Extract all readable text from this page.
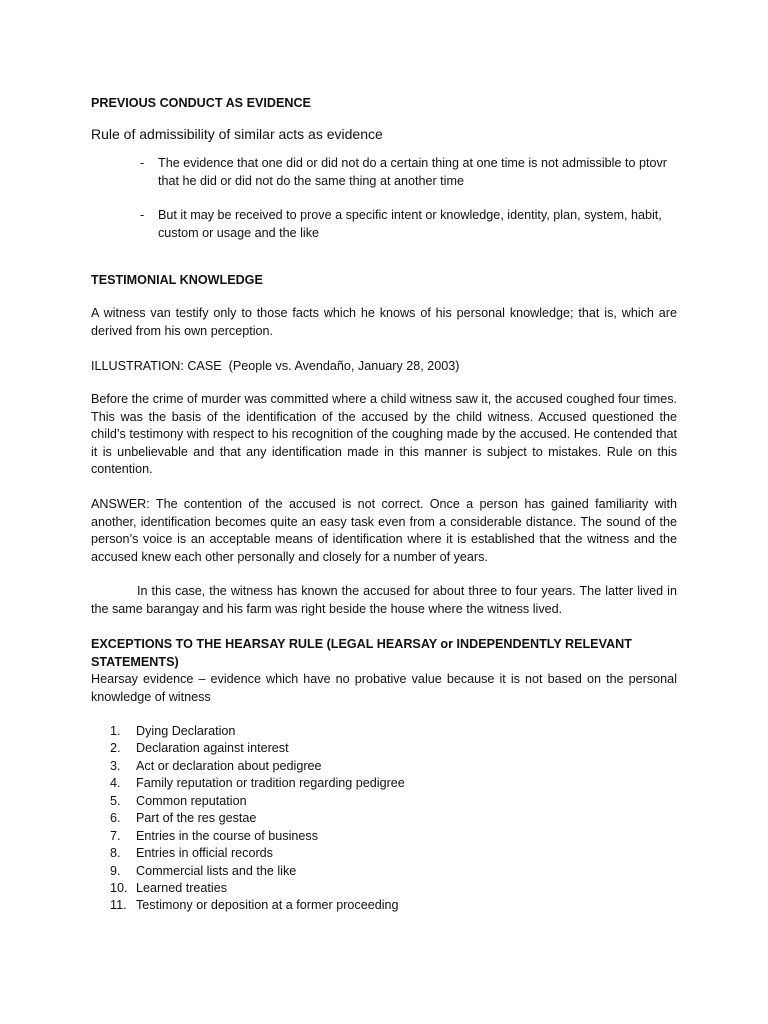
PREVIOUS CONDUCT AS EVIDENCE

Rule of admissibility of similar acts as evidence

- The evidence that one did or did not do a certain thing at one time is not admissible to ptovr that he did or did not do the same thing at another time
- But it may be received to prove a specific intent or knowledge, identity, plan, system, habit, custom or usage and the like

TESTIMONIAL KNOWLEDGE

A witness van testify only to those facts which he knows of his personal knowledge; that is, which are derived from his own perception.

ILLUSTRATION: CASE (People vs. Avendaño, January 28, 2003)

Before the crime of murder was committed where a child witness saw it, the accused coughed four times. This was the basis of the identification of the accused by the child witness. Accused questioned the child’s testimony with respect to his recognition of the coughing made by the accused. He contended that it is unbelievable and that any identification made in this manner is subject to mistakes. Rule on this contention.

ANSWER: The contention of the accused is not correct. Once a person has gained familiarity with another, identification becomes quite an easy task even from a considerable distance. The sound of the person’s voice is an acceptable means of identification where it is established that the witness and the accused knew each other personally and closely for a number of years.

In this case, the witness has known the accused for about three to four years. The latter lived in the same barangay and his farm was right beside the house where the witness lived.

EXCEPTIONS TO THE HEARSAY RULE (LEGAL HEARSAY or INDEPENDENTLY RELEVANT STATEMENTS)

Hearsay evidence – evidence which have no probative value because it is not based on the personal knowledge of witness

1.	Dying Declaration
2.	Declaration against interest
3.	Act or declaration about pedigree
4.	Family reputation or tradition regarding pedigree
5.	Common reputation
6.	Part of the res gestae
7.	Entries in the course of business
8.	Entries in official records
9.	Commercial lists and the like
10. Learned treaties
11. Testimony or deposition at a former proceeding
